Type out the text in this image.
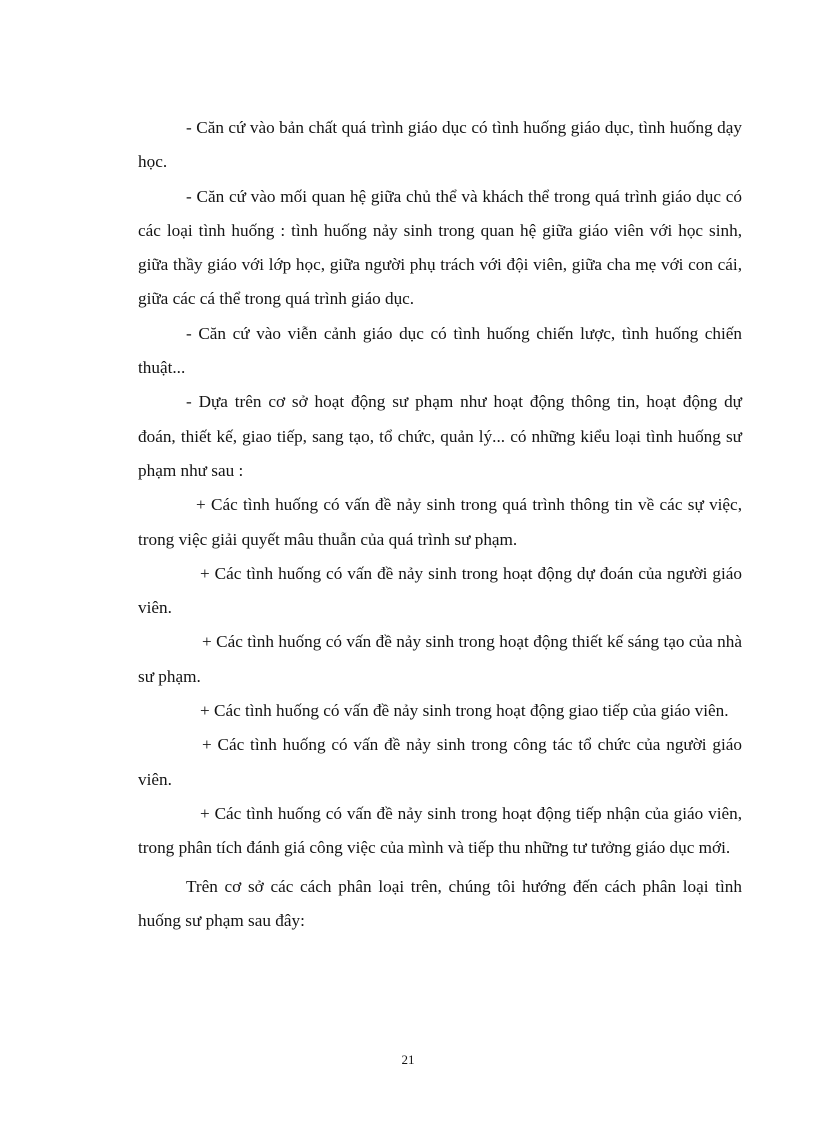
- Căn cứ vào bản chất quá trình giáo dục có tình huống giáo dục, tình huống dạy học.

- Căn cứ vào mối quan hệ giữa chủ thể và khách thể trong quá trình giáo dục có các loại tình huống : tình huống nảy sinh trong quan hệ giữa giáo viên với học sinh, giữa thầy giáo với lớp học, giữa người phụ trách với đội viên, giữa cha mẹ với con cái, giữa các cá thể trong quá trình giáo dục.

- Căn cứ vào viễn cảnh giáo dục có tình huống chiến lược, tình huống chiến thuật...

- Dựa trên cơ sở hoạt động sư phạm như hoạt động thông tin, hoạt động dự đoán, thiết kế, giao tiếp, sang tạo, tổ chức, quản lý... có những kiểu loại tình huống sư phạm như sau :

+ Các tình huống có vấn đề nảy sinh trong quá trình thông tin về các sự việc, trong việc giải quyết mâu thuẫn của quá trình sư phạm.

+ Các tình huống có vấn đề nảy sinh trong hoạt động dự đoán của người giáo viên.

+ Các tình huống có vấn đề nảy sinh trong hoạt động thiết kế sáng tạo của nhà sư phạm.

+ Các tình huống có vấn đề nảy sinh trong hoạt động giao tiếp của giáo viên.

+ Các tình huống có vấn đề nảy sinh trong công tác tổ chức của người giáo viên.

+ Các tình huống có vấn đề nảy sinh trong hoạt động tiếp nhận của giáo viên, trong phân tích đánh giá công việc của mình và tiếp thu những tư tưởng giáo dục mới.

Trên cơ sở các cách phân loại trên, chúng tôi hướng đến cách phân loại tình huống sư phạm sau đây:

21
